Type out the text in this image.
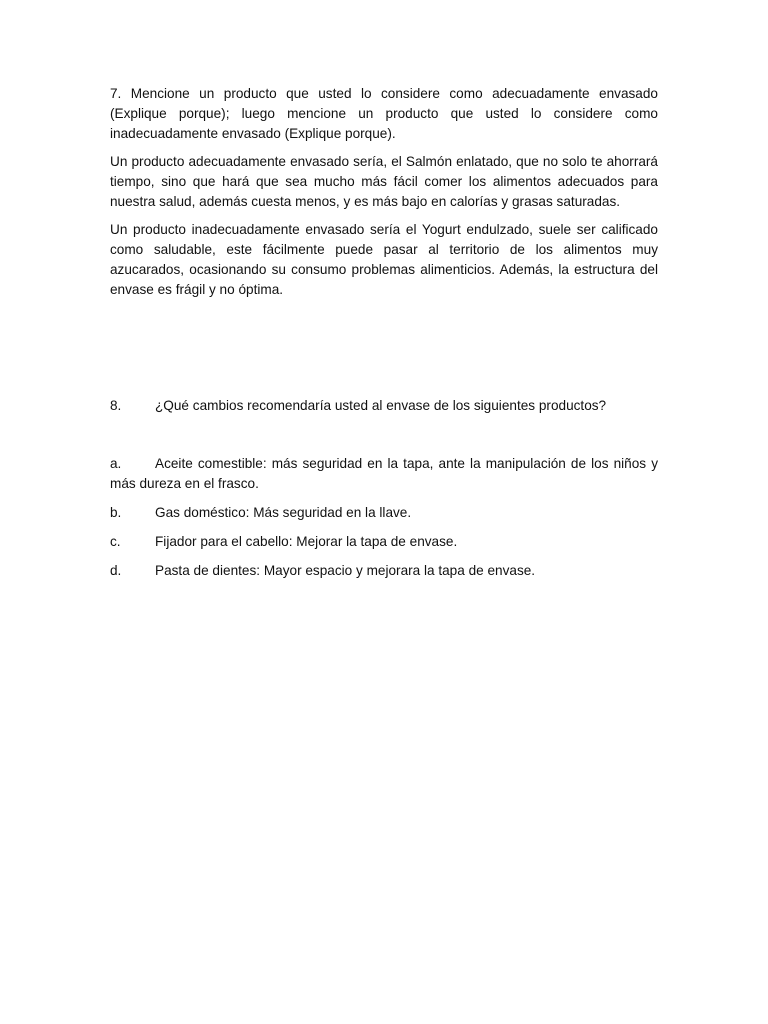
7. Mencione un producto que usted lo considere como adecuadamente envasado (Explique porque); luego mencione un producto que usted lo considere como inadecuadamente envasado (Explique porque).

Un producto adecuadamente envasado sería, el Salmón enlatado, que no solo te ahorrará tiempo, sino que hará que sea mucho más fácil comer los alimentos adecuados para nuestra salud, además cuesta menos, y es más bajo en calorías y grasas saturadas.

Un producto inadecuadamente envasado sería el Yogurt endulzado, suele ser calificado como saludable, este fácilmente puede pasar al territorio de los alimentos muy azucarados, ocasionando su consumo problemas alimenticios. Además, la estructura del envase es frágil y no óptima.

8.	¿Qué cambios recomendaría usted al envase de los siguientes productos?

a. Aceite comestible: más seguridad en la tapa, ante la manipulación de los niños y más dureza en el frasco.

b.	Gas doméstico: Más seguridad en la llave.
c.	Fijador para el cabello: Mejorar la tapa de envase.
d.	Pasta de dientes: Mayor espacio y mejorara la tapa de envase.
